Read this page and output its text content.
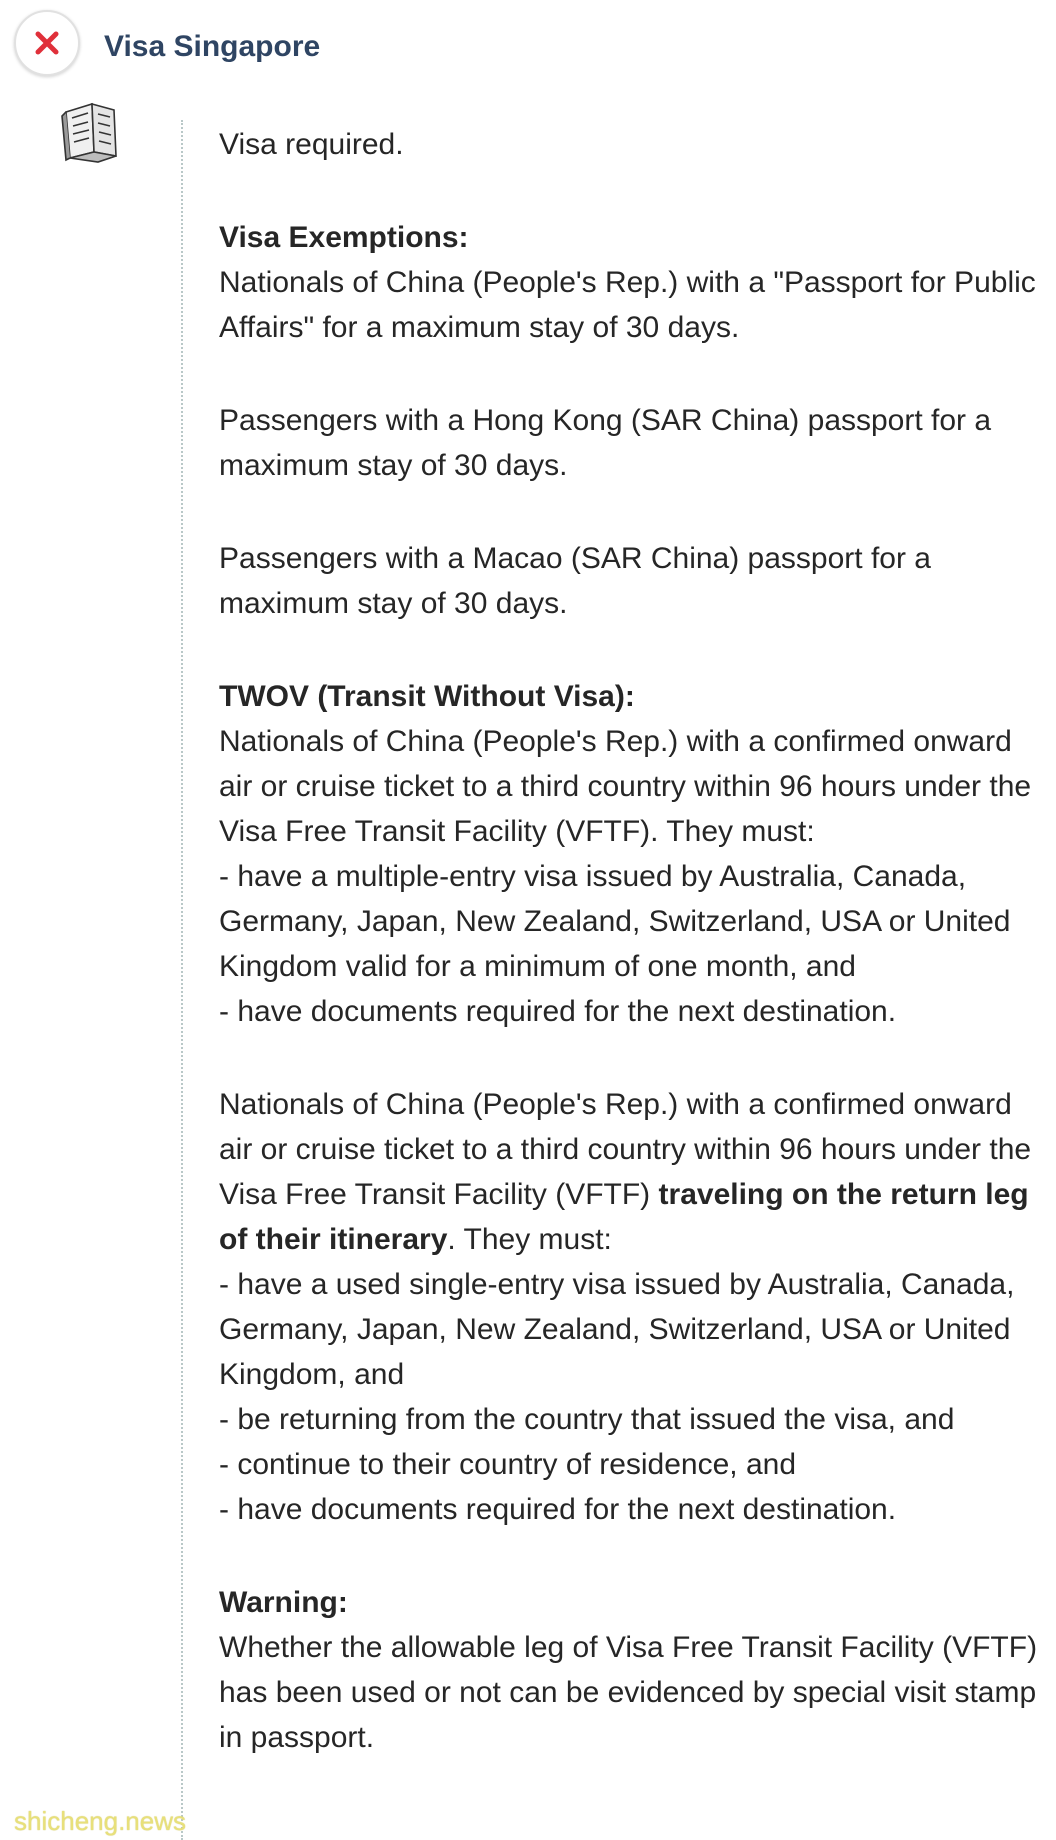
Visa Singapore

Visa required.

Visa Exemptions:
Nationals of China (People's Rep.) with a "Passport for Public Affairs" for a maximum stay of 30 days.

Passengers with a Hong Kong (SAR China) passport for a maximum stay of 30 days.

Passengers with a Macao (SAR China) passport for a maximum stay of 30 days.

TWOV (Transit Without Visa):
Nationals of China (People's Rep.) with a confirmed onward air or cruise ticket to a third country within 96 hours under the Visa Free Transit Facility (VFTF). They must:
- have a multiple-entry visa issued by Australia, Canada, Germany, Japan, New Zealand, Switzerland, USA or United Kingdom valid for a minimum of one month, and
- have documents required for the next destination.

Nationals of China (People's Rep.) with a confirmed onward air or cruise ticket to a third country within 96 hours under the Visa Free Transit Facility (VFTF) traveling on the return leg of their itinerary. They must:
- have a used single-entry visa issued by Australia, Canada, Germany, Japan, New Zealand, Switzerland, USA or United Kingdom, and
- be returning from the country that issued the visa, and
- continue to their country of residence, and
- have documents required for the next destination.

Warning:
Whether the allowable leg of Visa Free Transit Facility (VFTF) has been used or not can be evidenced by special visit stamp in passport.

shicheng.news
